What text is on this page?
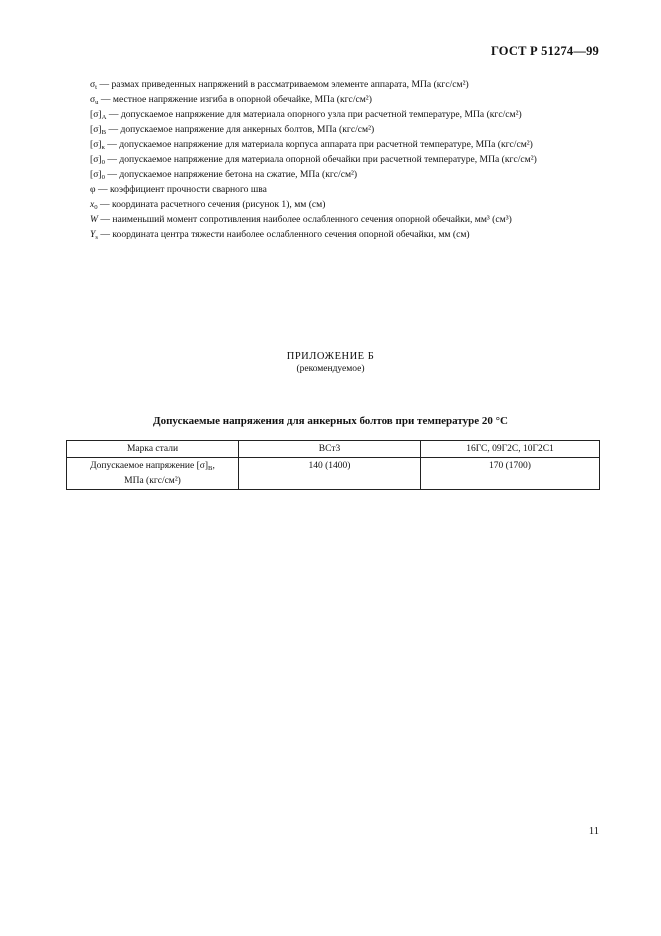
ГОСТ Р 51274—99
$\sigma_t$ — размах приведенных напряжений в рассматриваемом элементе аппарата, МПа (кгс/см²)
$\sigma_u$ — местное напряжение изгиба в опорной обечайке, МПа (кгс/см²)
$[\sigma]_A$ — допускаемое напряжение для материала опорного узла при расчетной температуре, МПа (кгс/см²)
$[\sigma]_B$ — допускаемое напряжение для анкерных болтов, МПа (кгс/см²)
$[\sigma]_к$ — допускаемое напряжение для материала корпуса аппарата при расчетной температуре, МПа (кгс/см²)
$[\sigma]_0$ — допускаемое напряжение для материала опорной обечайки при расчетной температуре, МПа (кгс/см²)
$[\sigma]_0$ — допускаемое напряжение бетона на сжатие, МПа (кгс/см²)
φ — коэффициент прочности сварного шва
$x_0$ — координата расчетного сечения (рисунок 1), мм (см)
W — наименьший момент сопротивления наиболее ослабленного сечения опорной обечайки, мм³ (см³)
$Y_s$ — координата центра тяжести наиболее ослабленного сечения опорной обечайки, мм (см)
ПРИЛОЖЕНИЕ Б
(рекомендуемое)
Допускаемые напряжения для анкерных болтов при температуре 20 °С
Марка стали	ВСт3	16ГС, 09Г2С, 10Г2С1
Допускаемое напряжение $[\sigma]_B$,
МПа (кгс/см²)	140 (1400)	170 (1700)
11
